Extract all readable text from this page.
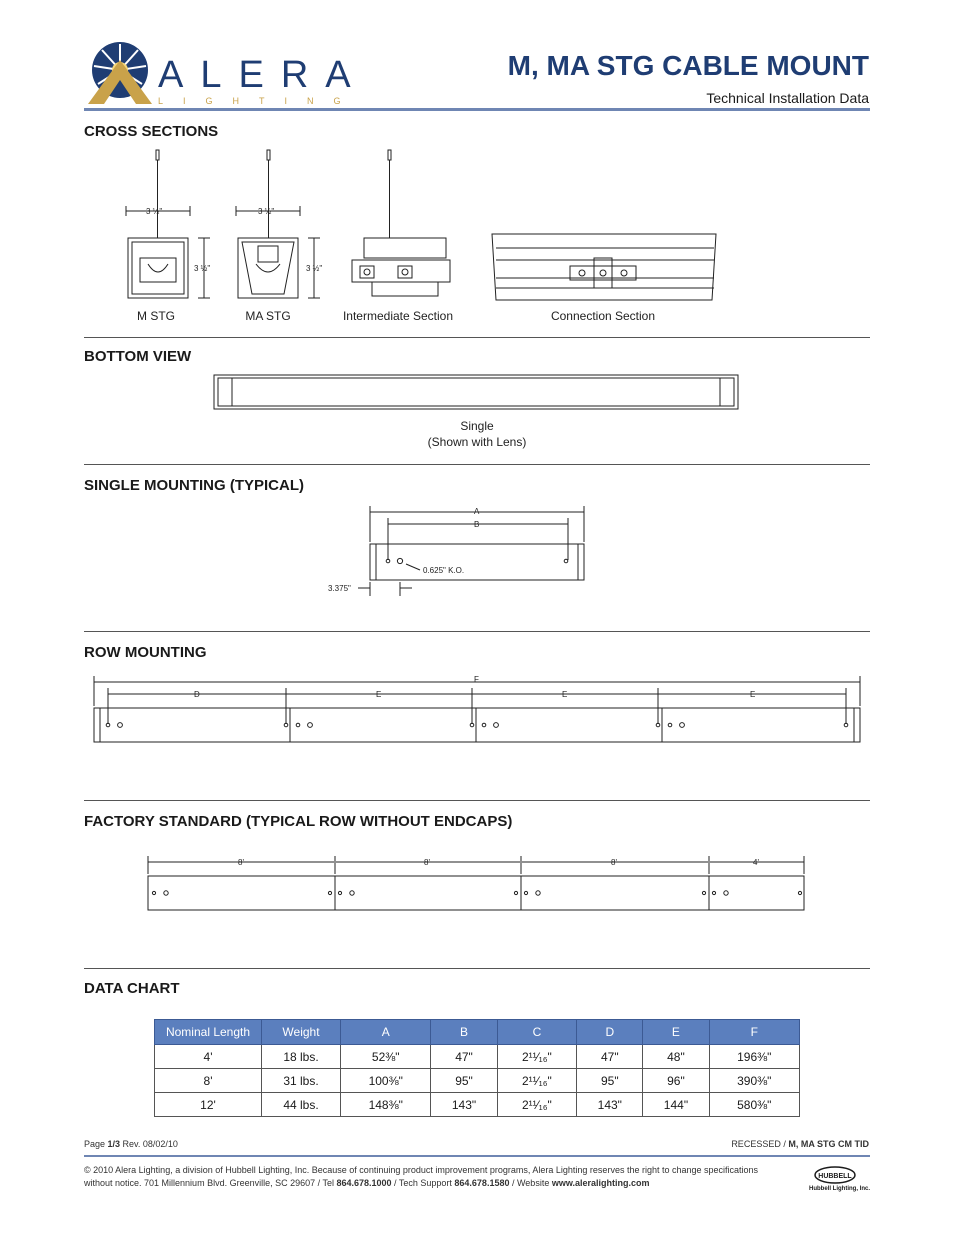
ALERA
LIGHTING
M, MA STG CABLE MOUNT
Technical Installation Data
CROSS SECTIONS
3 ½"
3 ½"
3 ½"
3 ½"
M STG	MA STG	Intermediate Section	Connection Section
BOTTOM VIEW
Single
(Shown with Lens)
SINGLE MOUNTING (TYPICAL)
A
B
0.625" K.O.
3.375"
ROW MOUNTING
F
D	E	E	E
FACTORY STANDARD (TYPICAL ROW WITHOUT ENDCAPS)
8'	8'	8'	4'
DATA CHART
Nominal Length	Weight	A	B	C	D	E	F
4'	18 lbs.	52⅜"	47"	2¹¹⁄₁₆"	47"	48"	196⅜"
8'	31 lbs.	100⅜"	95"	2¹¹⁄₁₆"	95"	96"	390⅜"
12'	44 lbs.	148⅜"	143"	2¹¹⁄₁₆"	143"	144"	580⅜"
Page 1/3 Rev. 08/02/10	RECESSED / M, MA STG CM TID
© 2010 Alera Lighting, a division of Hubbell Lighting, Inc. Because of continuing product improvement programs, Alera Lighting reserves the right to change specifications without notice. 701 Millennium Blvd. Greenville, SC 29607 / Tel 864.678.1000 / Tech Support 864.678.1580 / Website www.aleralighting.com
HUBBELL
Hubbell Lighting, Inc.
